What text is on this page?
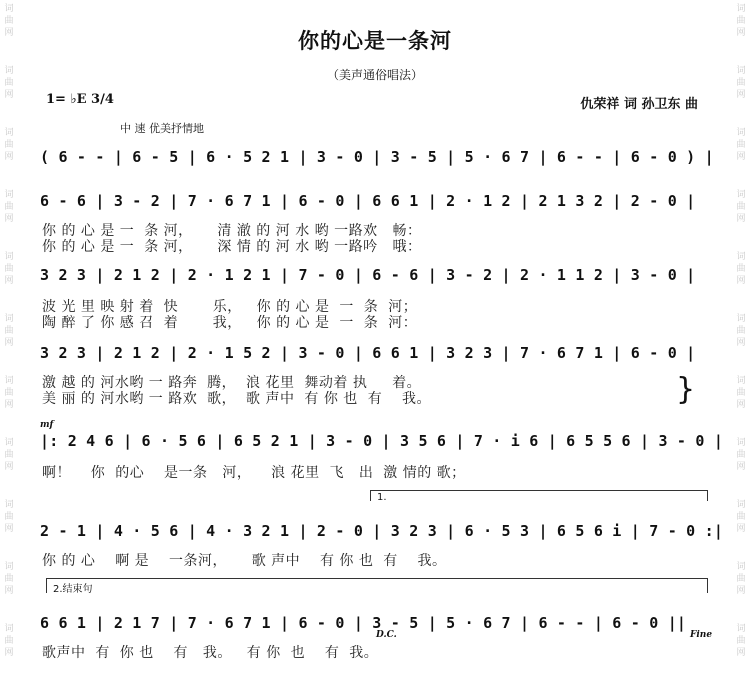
词
曲
网
词
曲
网
词
曲
网
词
曲
网
词
曲
网
词
曲
网
词
曲
网
词
曲
网
词
曲
网
词
曲
网
词
曲
网
词
曲
网
词
曲
网
词
曲
网
词
曲
网
词
曲
网
词
曲
网
词
曲
网
词
曲
网
词
曲
网
词
曲
网
词
曲
网
你的心是一条河
（美声通俗唱法）
1= ♭E 3/4	仇荣祥 词 孙卫东 曲
中 速 优美抒情地
( 6 - - | 6 - 5 | 6 · 5 2 1 | 3 - 0 | 3 - 5 | 5 · 6 7 | 6 - - | 6 - 0 ) |
6 - 6 | 3 - 2 | 7 · 6 7 1 | 6 - 0 | 6 6 1 | 2 · 1 2 | 2 1 3 2 | 2 - 0 |
你 的 心 是 一  条 河，     清 澈 的 河 水 哟 一路欢   畅：
你 的 心 是 一  条 河，     深 情 的 河 水 哟 一路吟   哦：
3 2 3 | 2 1 2 | 2 · 1 2 1 | 7 - 0 | 6 - 6 | 3 - 2 | 2 · 1 1 2 | 3 - 0 |
波 光 里 映 射 着  快       乐，   你 的 心 是  一  条  河；
陶 醉 了 你 感 召  着       我，   你 的 心 是  一  条  河：
3 2 3 | 2 1 2 | 2 · 1 5 2 | 3 - 0 | 6 6 1 | 3 2 3 | 7 · 6 7 1 | 6 - 0 |
激 越 的 河水哟 一 路奔  腾，  浪 花里  舞动着 执     着。
美 丽 的 河水哟 一 路欢  歌，  歌 声中  有 你 也  有    我。	}
mf
|: 2 4 6 | 6 · 5 6 | 6 5 2 1 | 3 - 0 | 3 5 6 | 7 · i 6 | 6 5 5 6 | 3 - 0 |
啊！    你  的心    是一条   河，    浪 花里  飞   出  激 情的 歌；
1.
2 - 1 | 4 · 5 6 | 4 · 3 2 1 | 2 - 0 | 3 2 3 | 6 · 5 3 | 6 5 6 i | 7 - 0 :|
你 的 心    啊 是    一条河，     歌 声中    有 你 也  有    我。
2.结束句
6 6 1 | 2 1 7 | 7 · 6 7 1 | 6 - 0 | 3 - 5 | 5 · 6 7 | 6 - - | 6 - 0 ||
D.C.	Fine
歌声中  有  你 也    有   我。   有 你  也    有  我。
